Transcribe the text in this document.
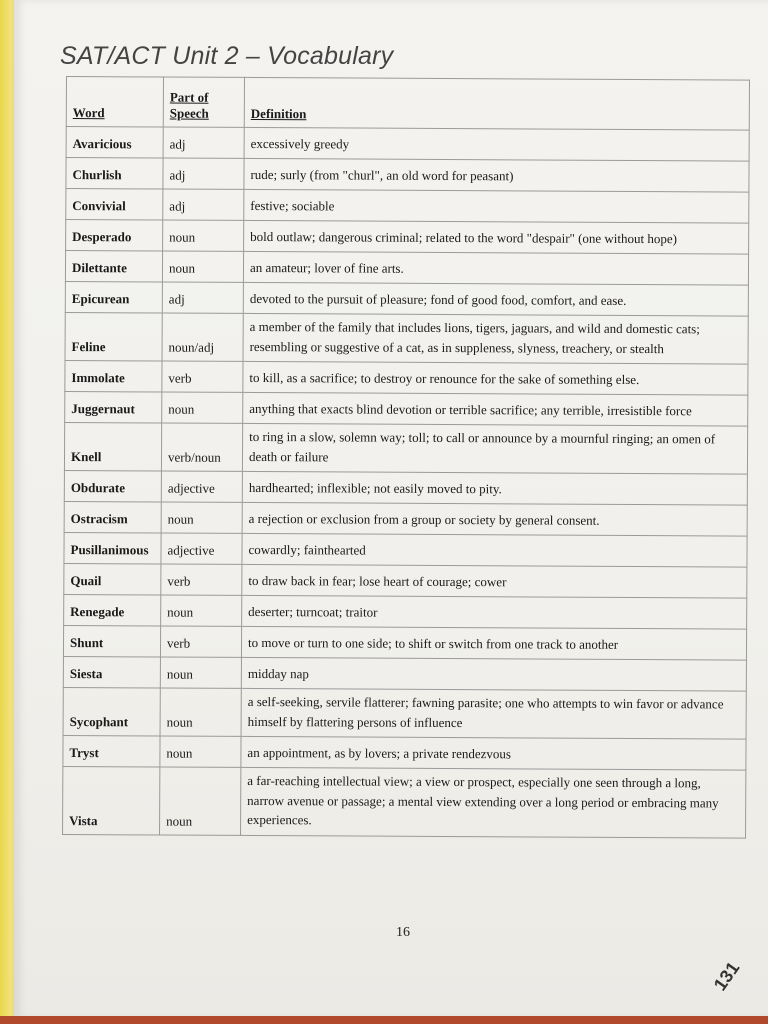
SAT/ACT Unit 2 – Vocabulary
Word	Part of Speech	Definition
Avaricious	adj	excessively greedy
Churlish	adj	rude; surly (from "churl", an old word for peasant)
Convivial	adj	festive; sociable
Desperado	noun	bold outlaw; dangerous criminal; related to the word "despair" (one without hope)
Dilettante	noun	an amateur; lover of fine arts.
Epicurean	adj	devoted to the pursuit of pleasure; fond of good food, comfort, and ease.
Feline	noun/adj	a member of the family that includes lions, tigers, jaguars, and wild and domestic cats; resembling or suggestive of a cat, as in suppleness, slyness, treachery, or stealth
Immolate	verb	to kill, as a sacrifice; to destroy or renounce for the sake of something else.
Juggernaut	noun	anything that exacts blind devotion or terrible sacrifice; any terrible, irresistible force
Knell	verb/noun	to ring in a slow, solemn way; toll; to call or announce by a mournful ringing; an omen of death or failure
Obdurate	adjective	hardhearted; inflexible; not easily moved to pity.
Ostracism	noun	a rejection or exclusion from a group or society by general consent.
Pusillanimous	adjective	cowardly; fainthearted
Quail	verb	to draw back in fear; lose heart of courage; cower
Renegade	noun	deserter; turncoat; traitor
Shunt	verb	to move or turn to one side; to shift or switch from one track to another
Siesta	noun	midday nap
Sycophant	noun	a self-seeking, servile flatterer; fawning parasite; one who attempts to win favor or advance himself by flattering persons of influence
Tryst	noun	an appointment, as by lovers; a private rendezvous
Vista	noun	a far-reaching intellectual view; a view or prospect, especially one seen through a long, narrow avenue or passage; a mental view extending over a long period or embracing many experiences.
16
131
